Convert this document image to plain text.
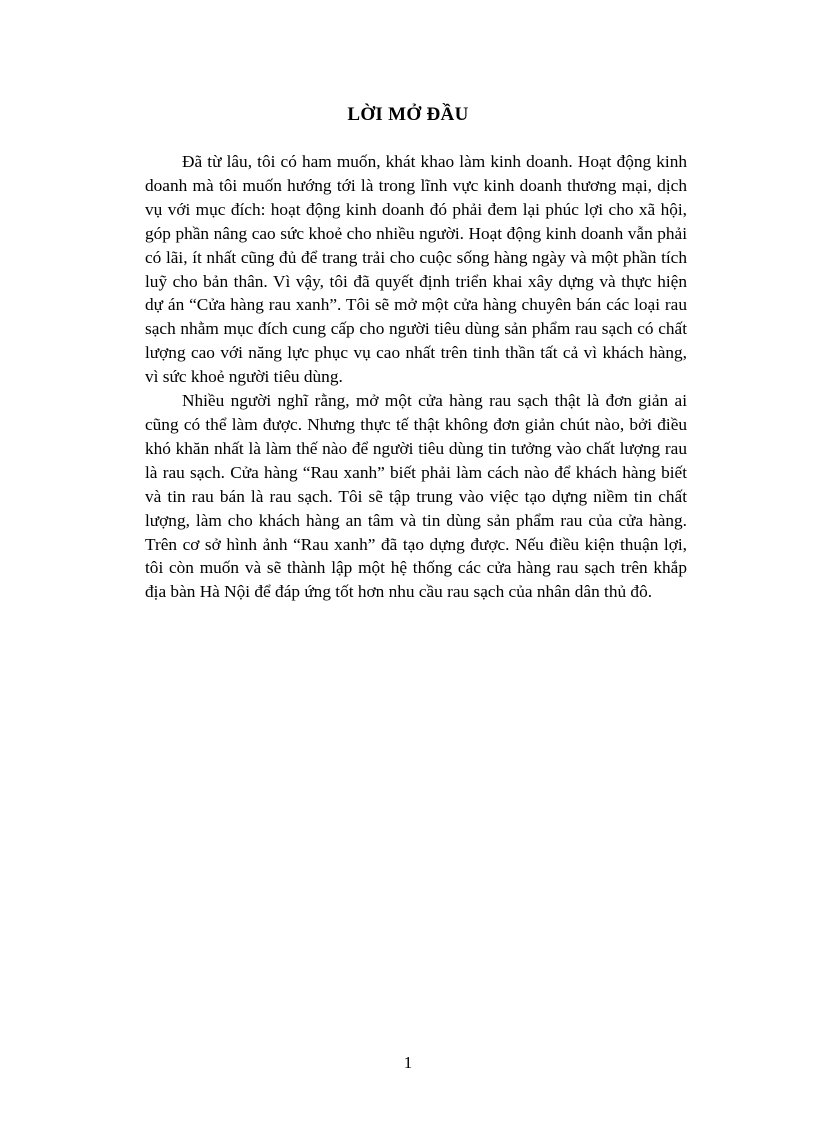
LỜI MỞ ĐẦU

Đã từ lâu, tôi có ham muốn, khát khao làm kinh doanh. Hoạt động kinh doanh mà tôi muốn hướng tới là trong lĩnh vực kinh doanh thương mại, dịch vụ với mục đích: hoạt động kinh doanh đó phải đem lại phúc lợi cho xã hội, góp phần nâng cao sức khoẻ cho nhiều người. Hoạt động kinh doanh vẫn phải có lãi, ít nhất cũng đủ để trang trải cho cuộc sống hàng ngày và một phần tích luỹ cho bản thân. Vì vậy, tôi đã quyết định triển khai xây dựng và thực hiện dự án “Cửa hàng rau xanh”. Tôi sẽ mở một cửa hàng chuyên bán các loại rau sạch nhằm mục đích cung cấp cho người tiêu dùng sản phẩm rau sạch có chất lượng cao với năng lực phục vụ cao nhất trên tinh thần tất cả vì khách hàng, vì sức khoẻ người tiêu dùng.

Nhiều người nghĩ rằng, mở một cửa hàng rau sạch thật là đơn giản ai cũng có thể làm được. Nhưng thực tế thật không đơn giản chút nào, bởi điều khó khăn nhất là làm thế nào để người tiêu dùng tin tưởng vào chất lượng rau là rau sạch. Cửa hàng “Rau xanh” biết phải làm cách nào để khách hàng biết và tin rau bán là rau sạch. Tôi sẽ tập trung vào việc tạo dựng niềm tin chất lượng, làm cho khách hàng an tâm và tin dùng sản phẩm rau của cửa hàng. Trên cơ sở hình ảnh “Rau xanh” đã tạo dựng được. Nếu điều kiện thuận lợi, tôi còn muốn và sẽ thành lập một hệ thống các cửa hàng rau sạch trên khắp địa bàn Hà Nội để đáp ứng tốt hơn nhu cầu rau sạch của nhân dân thủ đô.

1
